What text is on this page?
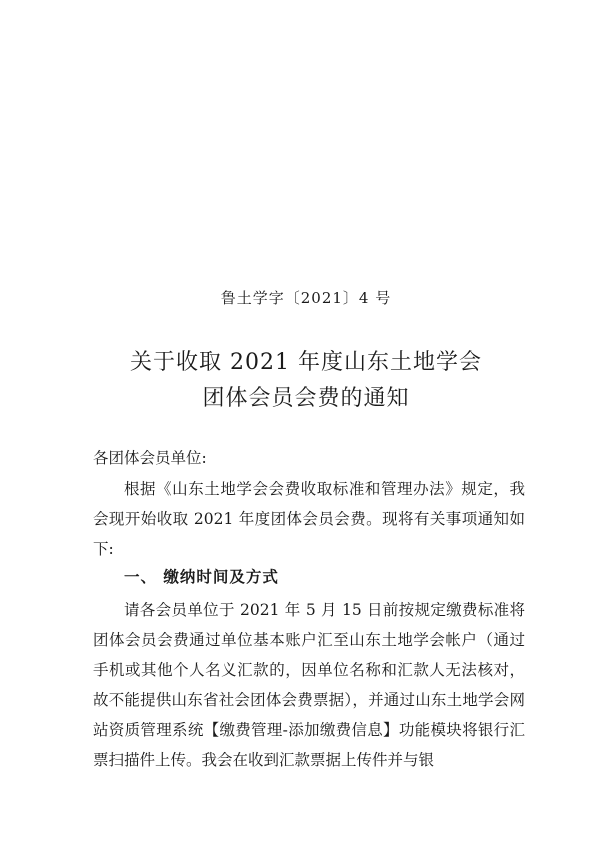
鲁土学字〔2021〕4 号
关于收取 2021 年度山东土地学会
团体会员会费的通知
各团体会员单位:
根据《山东土地学会会费收取标准和管理办法》规定，我会现开始收取 2021 年度团体会员会费。现将有关事项通知如下:
一、 缴纳时间及方式
请各会员单位于 2021 年 5 月 15 日前按规定缴费标准将团体会员会费通过单位基本账户汇至山东土地学会帐户（通过手机或其他个人名义汇款的，因单位名称和汇款人无法核对，故不能提供山东省社会团体会费票据），并通过山东土地学会网站资质管理系统【缴费管理-添加缴费信息】功能模块将银行汇票扫描件上传。我会在收到汇款票据上传件并与银
